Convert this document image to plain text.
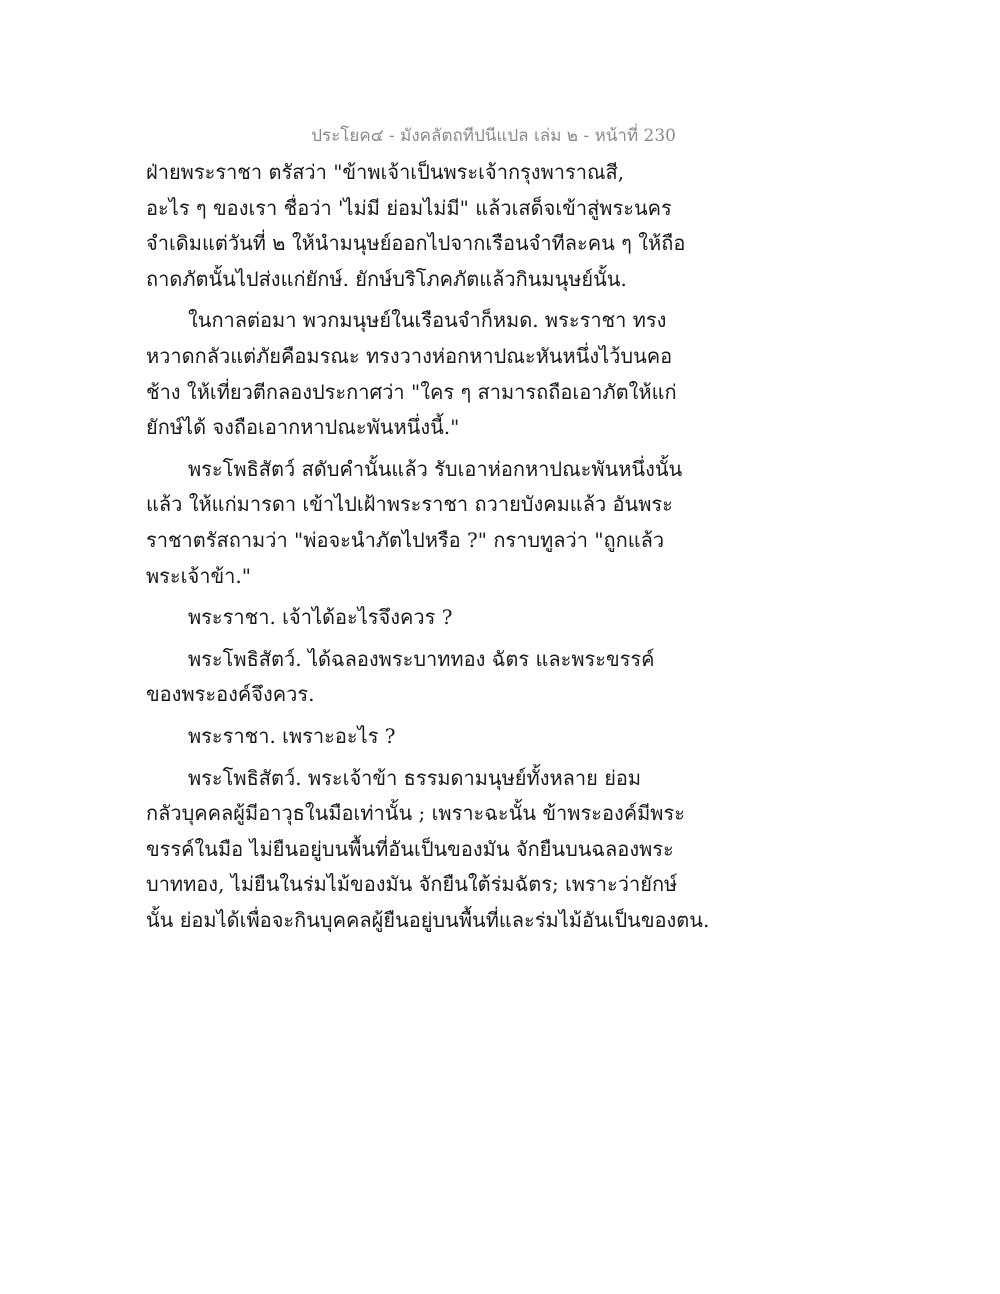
ประโยค๔ - มังคลัตถทีปนีแปล เล่ม ๒ - หน้าที่ 230
ฝ่ายพระราชา ตรัสว่า "ข้าพเจ้าเป็นพระเจ้ากรุงพาราณสี,
อะไร ๆ ของเรา ชื่อว่า 'ไม่มี ย่อมไม่มี" แล้วเสด็จเข้าสู่พระนคร
จำเดิมแต่วันที่ ๒ ให้นำมนุษย์ออกไปจากเรือนจำทีละคน ๆ ให้ถือ
ถาดภัตนั้นไปส่งแก่ยักษ์. ยักษ์บริโภคภัตแล้วกินมนุษย์นั้น.
ในกาลต่อมา พวกมนุษย์ในเรือนจำก็หมด. พระราชา ทรง
หวาดกลัวแต่ภัยคือมรณะ ทรงวางห่อกหาปณะหันหนึ่งไว้บนคอ
ช้าง ให้เที่ยวตีกลองประกาศว่า "ใคร ๆ สามารถถือเอาภัตให้แก่
ยักษ์ได้ จงถือเอากหาปณะพันหนึ่งนี้."
พระโพธิสัตว์ สดับคำนั้นแล้ว รับเอาห่อกหาปณะพันหนึ่งนั้น
แล้ว ให้แก่มารดา เข้าไปเฝ้าพระราชา ถวายบังคมแล้ว อันพระ
ราชาตรัสถามว่า "พ่อจะนำภัตไปหรือ ?" กราบทูลว่า "ถูกแล้ว
พระเจ้าข้า."
พระราชา. เจ้าได้อะไรจึงควร ?
พระโพธิสัตว์. ได้ฉลองพระบาททอง ฉัตร และพระขรรค์
ของพระองค์จึงควร.
พระราชา. เพราะอะไร ?
พระโพธิสัตว์. พระเจ้าข้า ธรรมดามนุษย์ทั้งหลาย ย่อม
กลัวบุคคลผู้มีอาวุธในมือเท่านั้น ; เพราะฉะนั้น ข้าพระองค์มีพระ
ขรรค์ในมือ ไม่ยืนอยู่บนพื้นที่อันเป็นของมัน จักยืนบนฉลองพระ
บาททอง, ไม่ยืนในร่มไม้ของมัน จักยืนใต้ร่มฉัตร; เพราะว่ายักษ์
นั้น ย่อมได้เพื่อจะกินบุคคลผู้ยืนอยู่บนพื้นที่และร่มไม้อันเป็นของตน.
